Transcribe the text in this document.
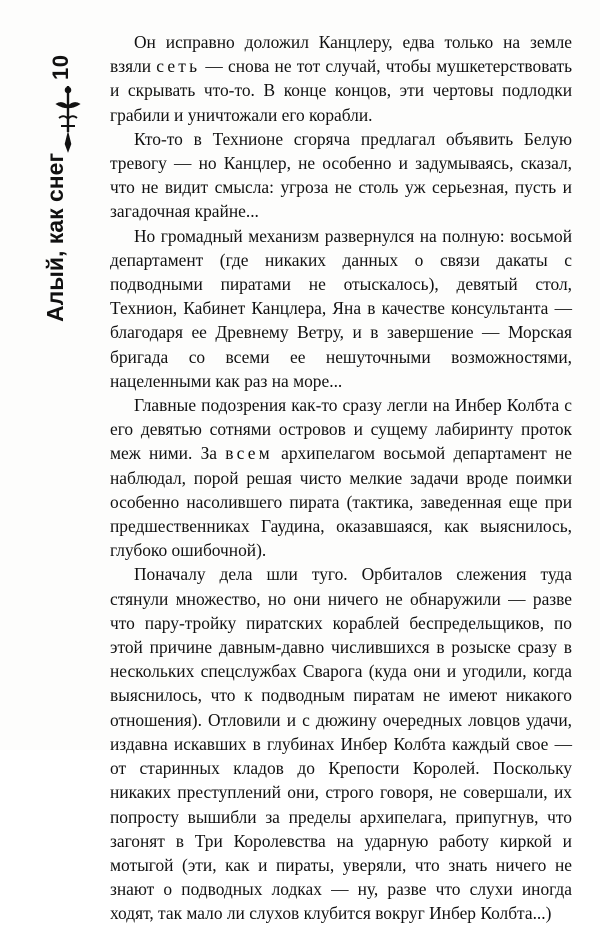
10
Алый, как снег

Он исправно доложил Канцлеру, едва только на земле взяли сеть — снова не тот случай, чтобы мушкетерствовать и скрывать что-то. В конце концов, эти чертовы подлодки грабили и уничтожали его корабли.

Кто-то в Технионе сгоряча предлагал объявить Белую тревогу — но Канцлер, не особенно и задумываясь, сказал, что не видит смысла: угроза не столь уж серьезная, пусть и загадочная крайне...

Но громадный механизм развернулся на полную: восьмой департамент (где никаких данных о связи дакаты с подводными пиратами не отыскалось), девятый стол, Технион, Кабинет Канцлера, Яна в качестве консультанта — благодаря ее Древнему Ветру, и в завершение — Морская бригада со всеми ее нешуточными возможностями, нацеленными как раз на море...

Главные подозрения как-то сразу легли на Инбер Колбта с его девятью сотнями островов и сущему лабиринту проток меж ними. За всем архипелагом восьмой департамент не наблюдал, порой решая чисто мелкие задачи вроде поимки особенно насолившего пирата (тактика, заведенная еще при предшественниках Гаудина, оказавшаяся, как выяснилось, глубоко ошибочной).

Поначалу дела шли туго. Орбиталов слежения туда стянули множество, но они ничего не обнаружили — разве что пару-тройку пиратских кораблей беспредельщиков, по этой причине давным-давно числившихся в розыске сразу в нескольких спецслужбах Сварога (куда они и угодили, когда выяснилось, что к подводным пиратам не имеют никакого отношения). Отловили и с дюжину очередных ловцов удачи, издавна искавших в глубинах Инбер Колбта каждый свое — от старинных кладов до Крепости Королей. Поскольку никаких преступлений они, строго говоря, не совершали, их попросту вышибли за пределы архипелага, припугнув, что загонят в Три Королевства на ударную работу киркой и мотыгой (эти, как и пираты, уверяли, что знать ничего не знают о подводных лодках — ну, разве что слухи иногда ходят, так мало ли слухов клубится вокруг Инбер Колбта...)
